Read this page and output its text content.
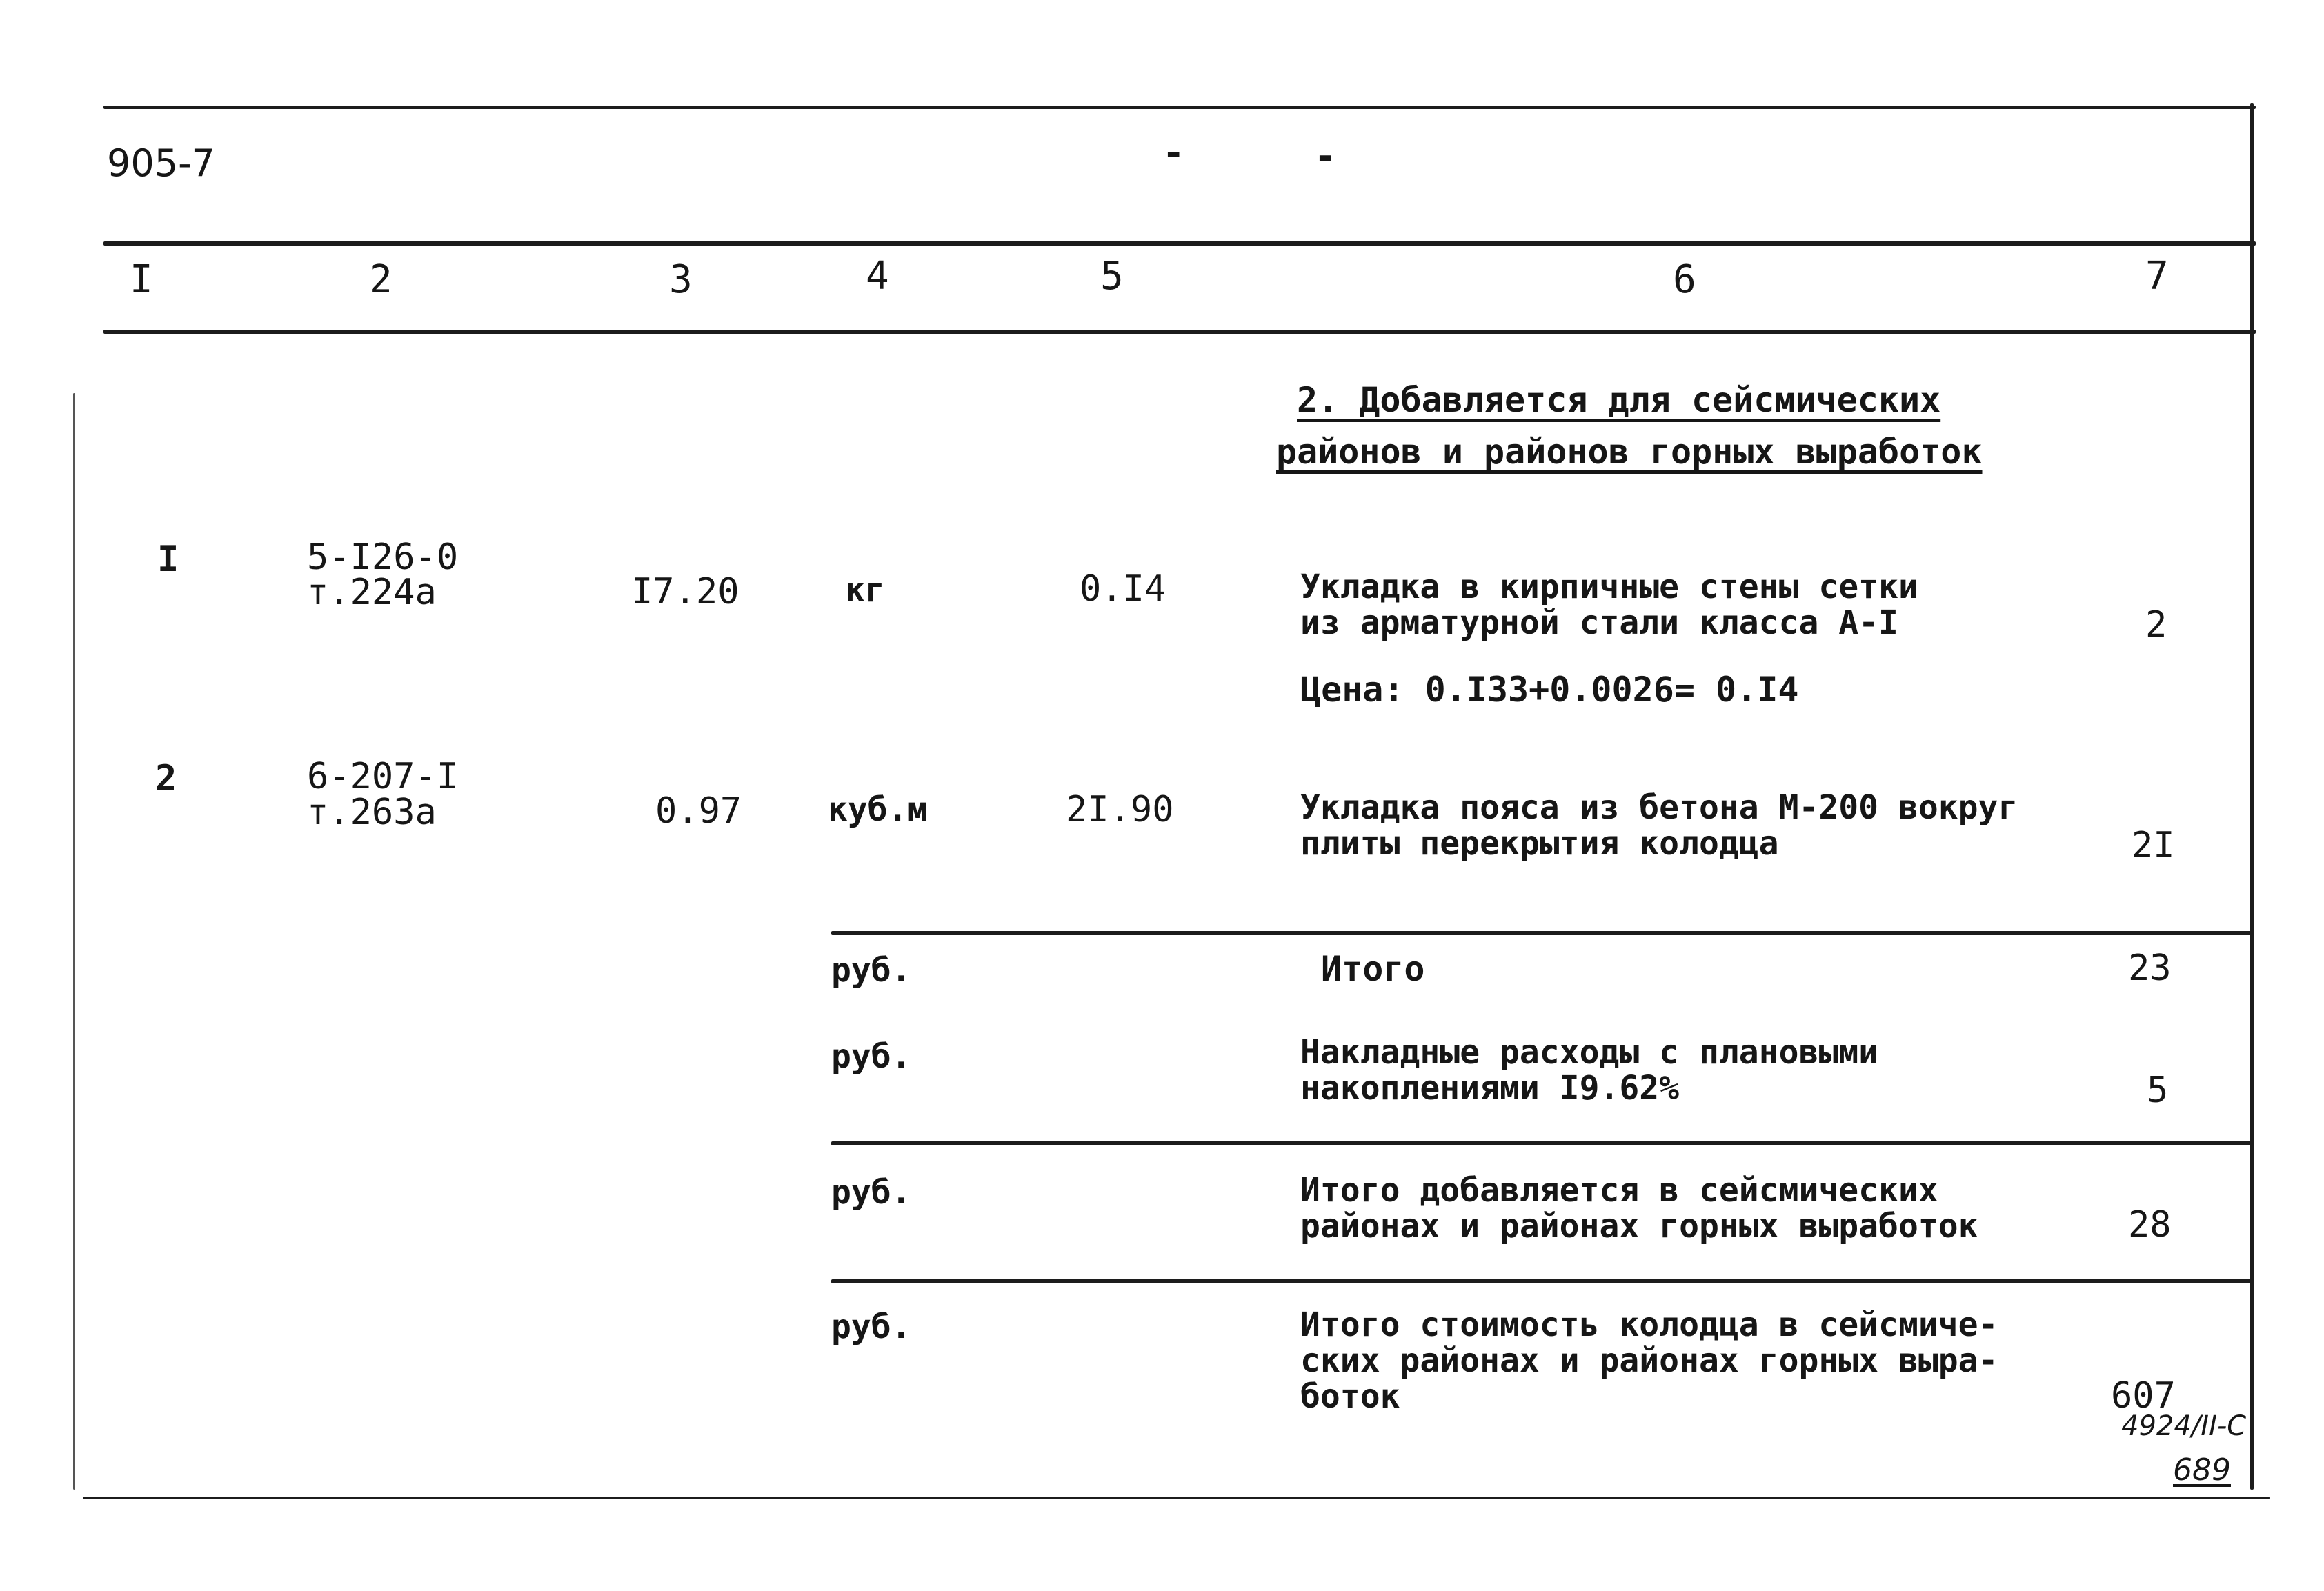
905-7	-	-
I	2	3	4	5	6	7
2. Добавляется для сейсмических
районов и районов горных выработок
I	5-I26-0
т.224а	I7.20	кг	0.I4	Укладка в кирпичные стены сетки
из арматурной стали класса А-I	2
Цена: 0.I33+0.0026= 0.I4
2	6-207-I
т.263а	0.97	куб.м	2I.90	Укладка пояса из бетона М-200 вокруг
плиты перекрытия колодца	2I
руб.	Итого	23
руб.	Накладные расходы с плановыми
накоплениями I9.62%	5
руб.	Итого добавляется в сейсмических
районах и районах горных выработок	28
руб.	Итого стоимость колодца в сейсмиче-
ских районах и районах горных выра-
боток	607
4924/II-C
689
